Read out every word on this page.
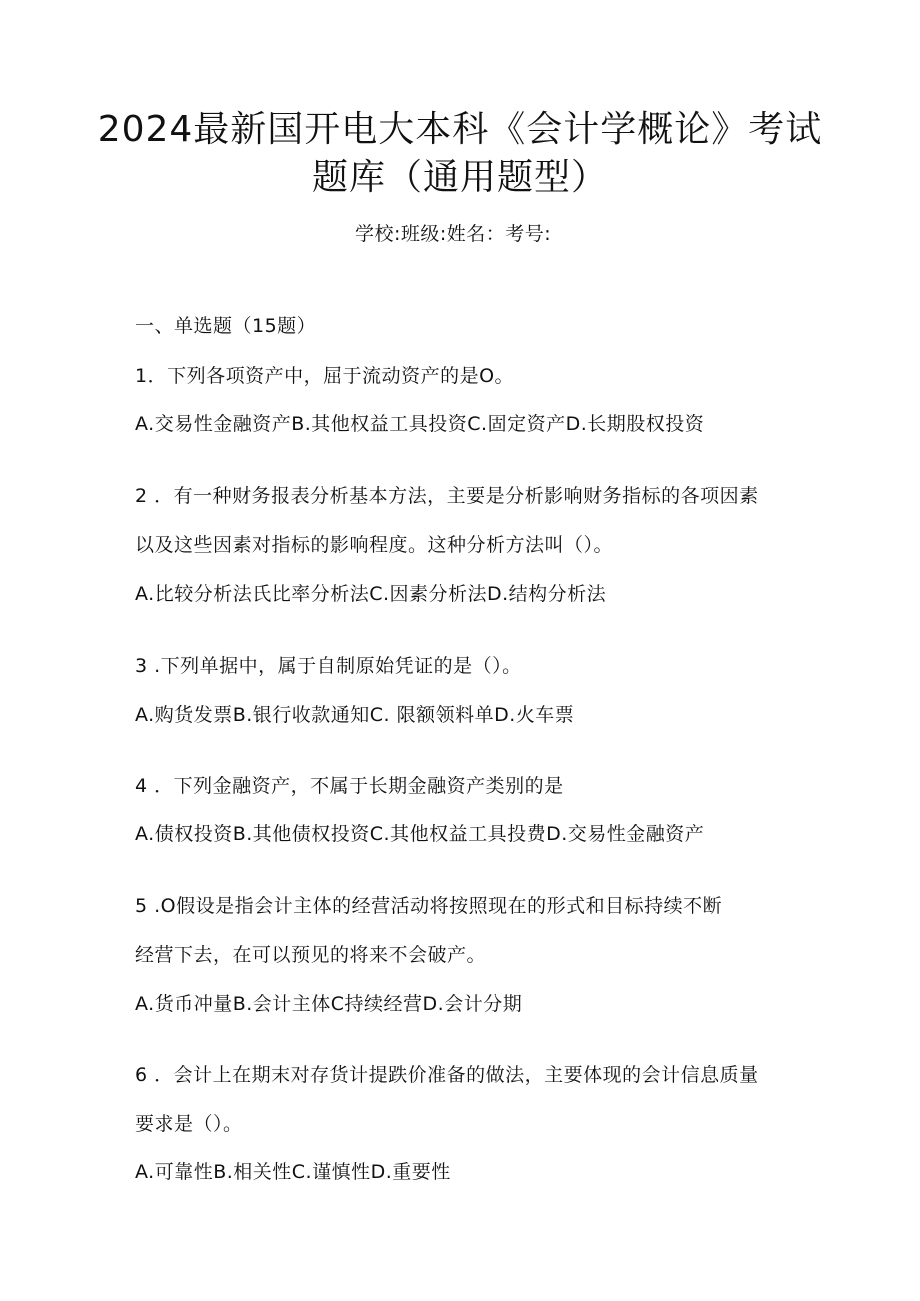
2024最新国开电大本科《会计学概论》考试
题库（通用题型）
学校:班级:姓名：考号:
一、单选题（15题）
1．下列各项资产中，屈于流动资产的是O。
A.交易性金融资产B.其他权益工具投资C.固定资产D.长期股权投资
2 ．有一种财务报表分析基本方法，主要是分析影响财务指标的各项因素
以及这些因素对指标的影响程度。这种分析方法叫（）。
A.比较分析法氏比率分析法C.因素分析法D.结构分析法
3 .下列单据中，属于自制原始凭证的是（）。
A.购货发票B.银行收款通知C. 限额领料单D.火车票
4 ．下列金融资产，不属于长期金融资产类别的是
A.债权投资B.其他债权投资C.其他权益工具投费D.交易性金融资产
5 .O假设是指会计主体的经营活动将按照现在的形式和目标持续不断
经营下去，在可以预见的将来不会破产。
A.货币冲量B.会计主体C持续经营D.会计分期
6 ．会计上在期末对存货计提跌价准备的做法，主要体现的会计信息质量
要求是（）。
A.可靠性B.相关性C.谨慎性D.重要性
